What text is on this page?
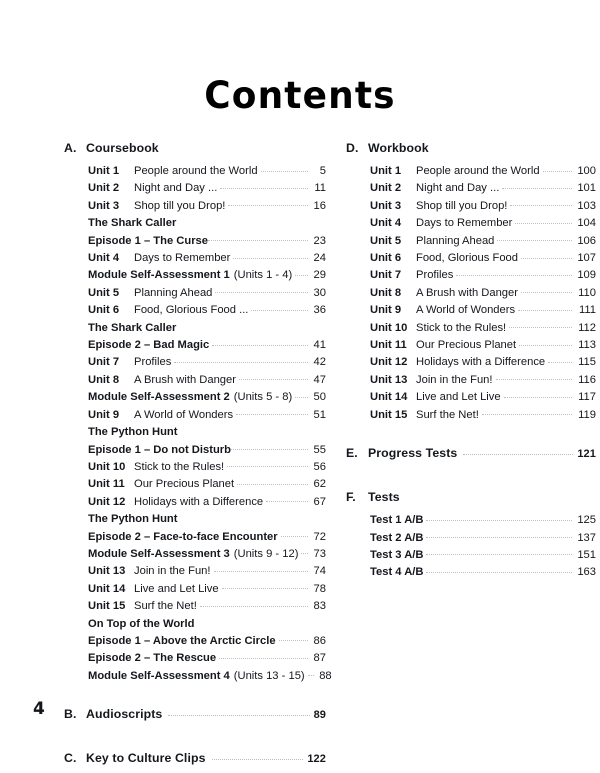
Contents
A. Coursebook
Unit 1	People around the World	5
Unit 2	Night and Day ...	11
Unit 3	Shop till you Drop!	16
The Shark Caller
Episode 1 – The Curse	23
Unit 4	Days to Remember	24
Module Self-Assessment 1 (Units 1 - 4) 29
Unit 5	Planning Ahead	30
Unit 6	Food, Glorious Food ...	36
The Shark Caller
Episode 2 – Bad Magic	41
Unit 7	Profiles	42
Unit 8	A Brush with Danger	47
Module Self-Assessment 2 (Units 5 - 8) 50
Unit 9	A World of Wonders	51
The Python Hunt
Episode 1 – Do not Disturb	55
Unit 10 Stick to the Rules!	56
Unit 11 Our Precious Planet	62
Unit 12 Holidays with a Difference	67
The Python Hunt
Episode 2 – Face-to-face Encounter	72
Module Self-Assessment 3 (Units 9 - 12) 73
Unit 13 Join in the Fun!	74
Unit 14 Live and Let Live	78
Unit 15 Surf the Net!	83
On Top of the World
Episode 1 – Above the Arctic Circle	86
Episode 2 – The Rescue	87
Module Self-Assessment 4 (Units 13 - 15) 88
B. Audioscripts	89
C. Key to Culture Clips	122
D. Workbook
Unit 1	People around the World	100
Unit 2	Night and Day ...	101
Unit 3	Shop till you Drop!	103
Unit 4	Days to Remember	104
Unit 5	Planning Ahead	106
Unit 6	Food, Glorious Food	107
Unit 7	Profiles	109
Unit 8	A Brush with Danger	110
Unit 9	A World of Wonders	111
Unit 10 Stick to the Rules!	112
Unit 11 Our Precious Planet	113
Unit 12 Holidays with a Difference	115
Unit 13 Join in the Fun!	116
Unit 14 Live and Let Live	117
Unit 15 Surf the Net!	119
E. Progress Tests	121
F. Tests
Test 1 A/B	125
Test 2 A/B	137
Test 3 A/B	151
Test 4 A/B	163
4
